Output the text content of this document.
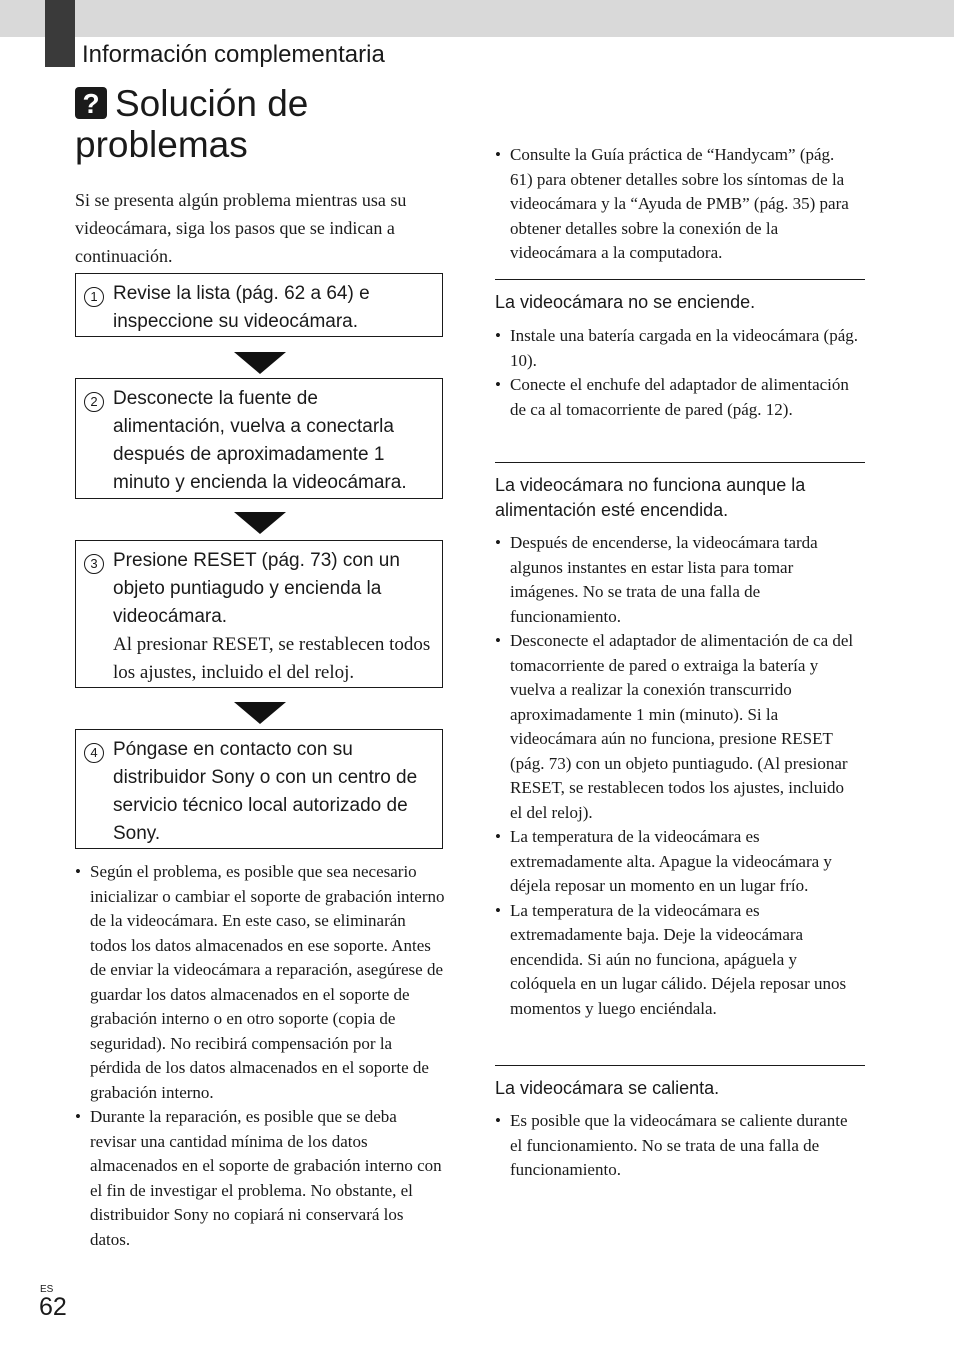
Información complementaria
? Solución de
problemas
Si se presenta algún problema mientras usa su videocámara, siga los pasos que se indican a continuación.
1 Revise la lista (pág. 62 a 64) e inspeccione su videocámara.
2 Desconecte la fuente de alimentación, vuelva a conectarla después de aproximadamente 1 minuto y encienda la videocámara.
3 Presione RESET (pág. 73) con un objeto puntiagudo y encienda la videocámara.
Al presionar RESET, se restablecen todos los ajustes, incluido el del reloj.
4 Póngase en contacto con su distribuidor Sony o con un centro de servicio técnico local autorizado de Sony.
• Según el problema, es posible que sea necesario inicializar o cambiar el soporte de grabación interno de la videocámara. En este caso, se eliminarán todos los datos almacenados en ese soporte. Antes de enviar la videocámara a reparación, asegúrese de guardar los datos almacenados en el soporte de grabación interno o en otro soporte (copia de seguridad). No recibirá compensación por la pérdida de los datos almacenados en el soporte de grabación interno.
• Durante la reparación, es posible que se deba revisar una cantidad mínima de los datos almacenados en el soporte de grabación interno con el fin de investigar el problema. No obstante, el distribuidor Sony no copiará ni conservará los datos.
• Consulte la Guía práctica de “Handycam” (pág. 61) para obtener detalles sobre los síntomas de la videocámara y la “Ayuda de PMB” (pág. 35) para obtener detalles sobre la conexión de la videocámara a la computadora.
La videocámara no se enciende.
• Instale una batería cargada en la videocámara (pág. 10).
• Conecte el enchufe del adaptador de alimentación de ca al tomacorriente de pared (pág. 12).
La videocámara no funciona aunque la alimentación esté encendida.
• Después de encenderse, la videocámara tarda algunos instantes en estar lista para tomar imágenes. No se trata de una falla de funcionamiento.
• Desconecte el adaptador de alimentación de ca del tomacorriente de pared o extraiga la batería y vuelva a realizar la conexión transcurrido aproximadamente 1 min (minuto). Si la videocámara aún no funciona, presione RESET (pág. 73) con un objeto puntiagudo. (Al presionar RESET, se restablecen todos los ajustes, incluido el del reloj).
• La temperatura de la videocámara es extremadamente alta. Apague la videocámara y déjela reposar un momento en un lugar frío.
• La temperatura de la videocámara es extremadamente baja. Deje la videocámara encendida. Si aún no funciona, apáguela y colóquela en un lugar cálido. Déjela reposar unos momentos y luego enciéndala.
La videocámara se calienta.
• Es posible que la videocámara se caliente durante el funcionamiento. No se trata de una falla de funcionamiento.
ES
62
